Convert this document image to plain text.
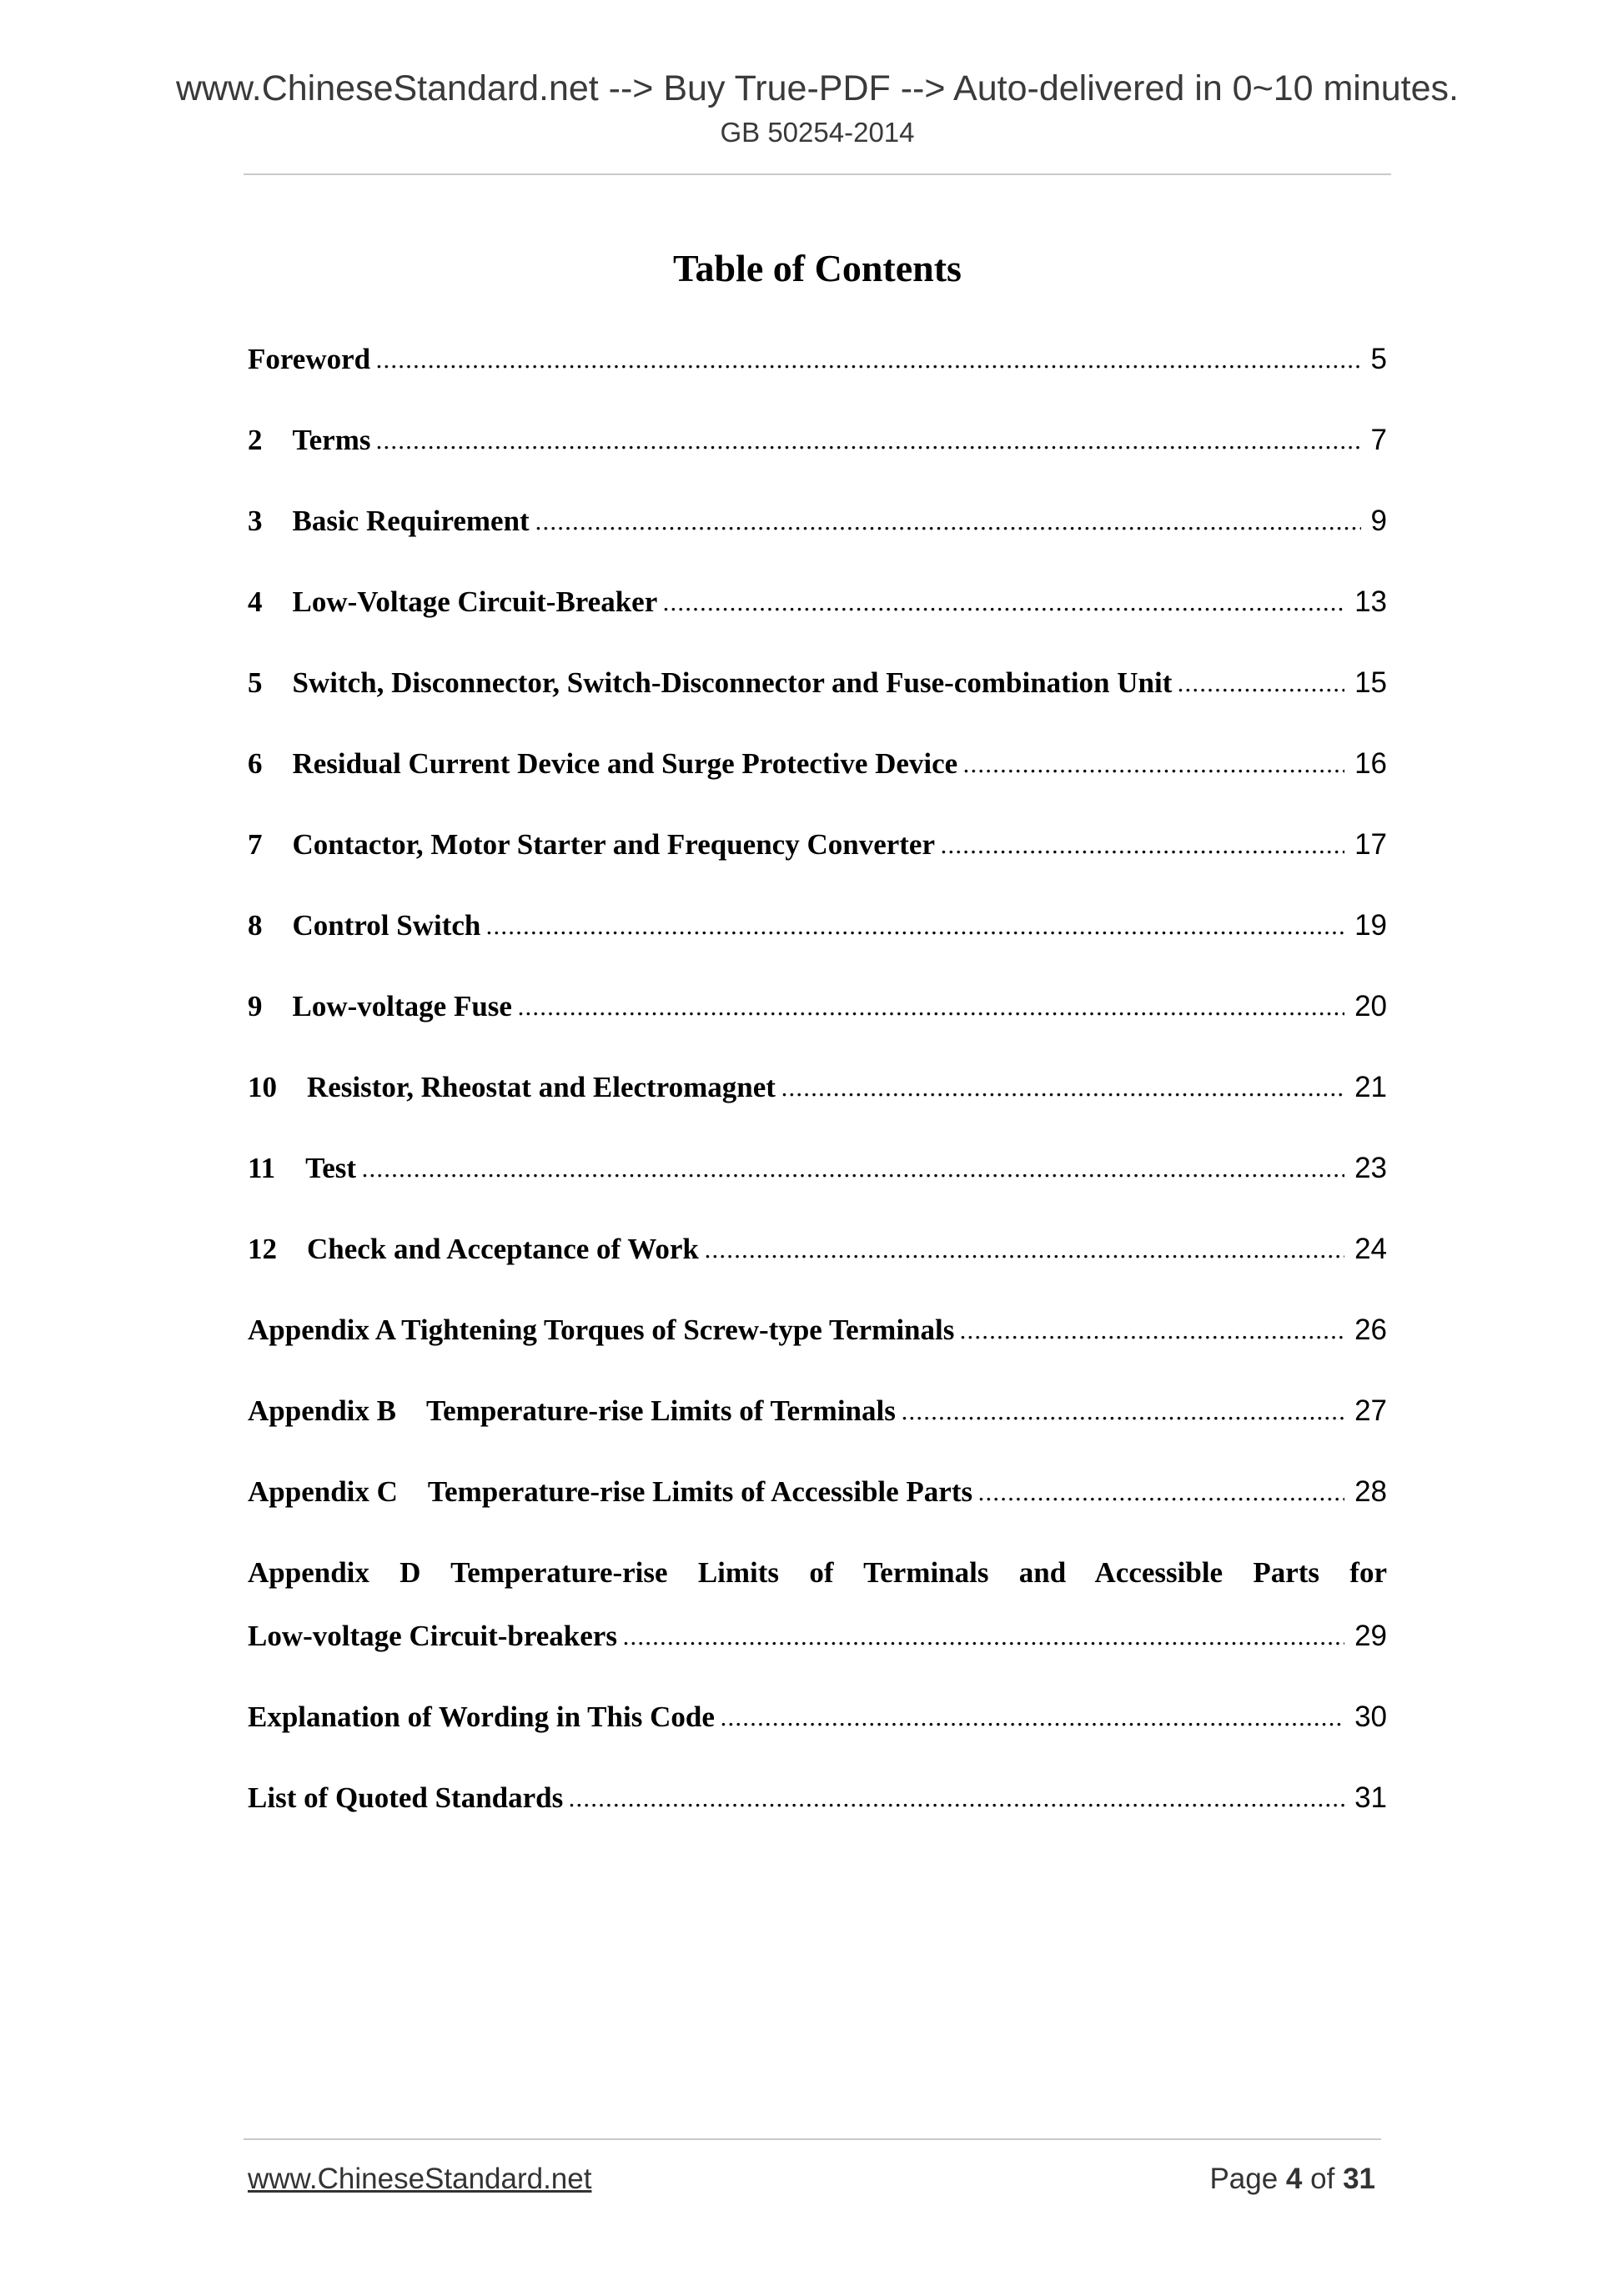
www.ChineseStandard.net --> Buy True-PDF --> Auto-delivered in 0~10 minutes.
GB 50254-2014
Table of Contents
Foreword	5
2 Terms	7
3 Basic Requirement	9
4 Low-Voltage Circuit-Breaker	13
5 Switch, Disconnector, Switch-Disconnector and Fuse-combination Unit	15
6 Residual Current Device and Surge Protective Device	16
7 Contactor, Motor Starter and Frequency Converter	17
8 Control Switch	19
9 Low-voltage Fuse	20
10 Resistor, Rheostat and Electromagnet	21
11 Test	23
12 Check and Acceptance of Work	24
Appendix A Tightening Torques of Screw-type Terminals	26
Appendix B Temperature-rise Limits of Terminals	27
Appendix C Temperature-rise Limits of Accessible Parts	28
Appendix D Temperature-rise Limits of Terminals and Accessible Parts for
Low-voltage Circuit-breakers	29
Explanation of Wording in This Code	30
List of Quoted Standards	31
www.ChineseStandard.net	Page 4 of 31
